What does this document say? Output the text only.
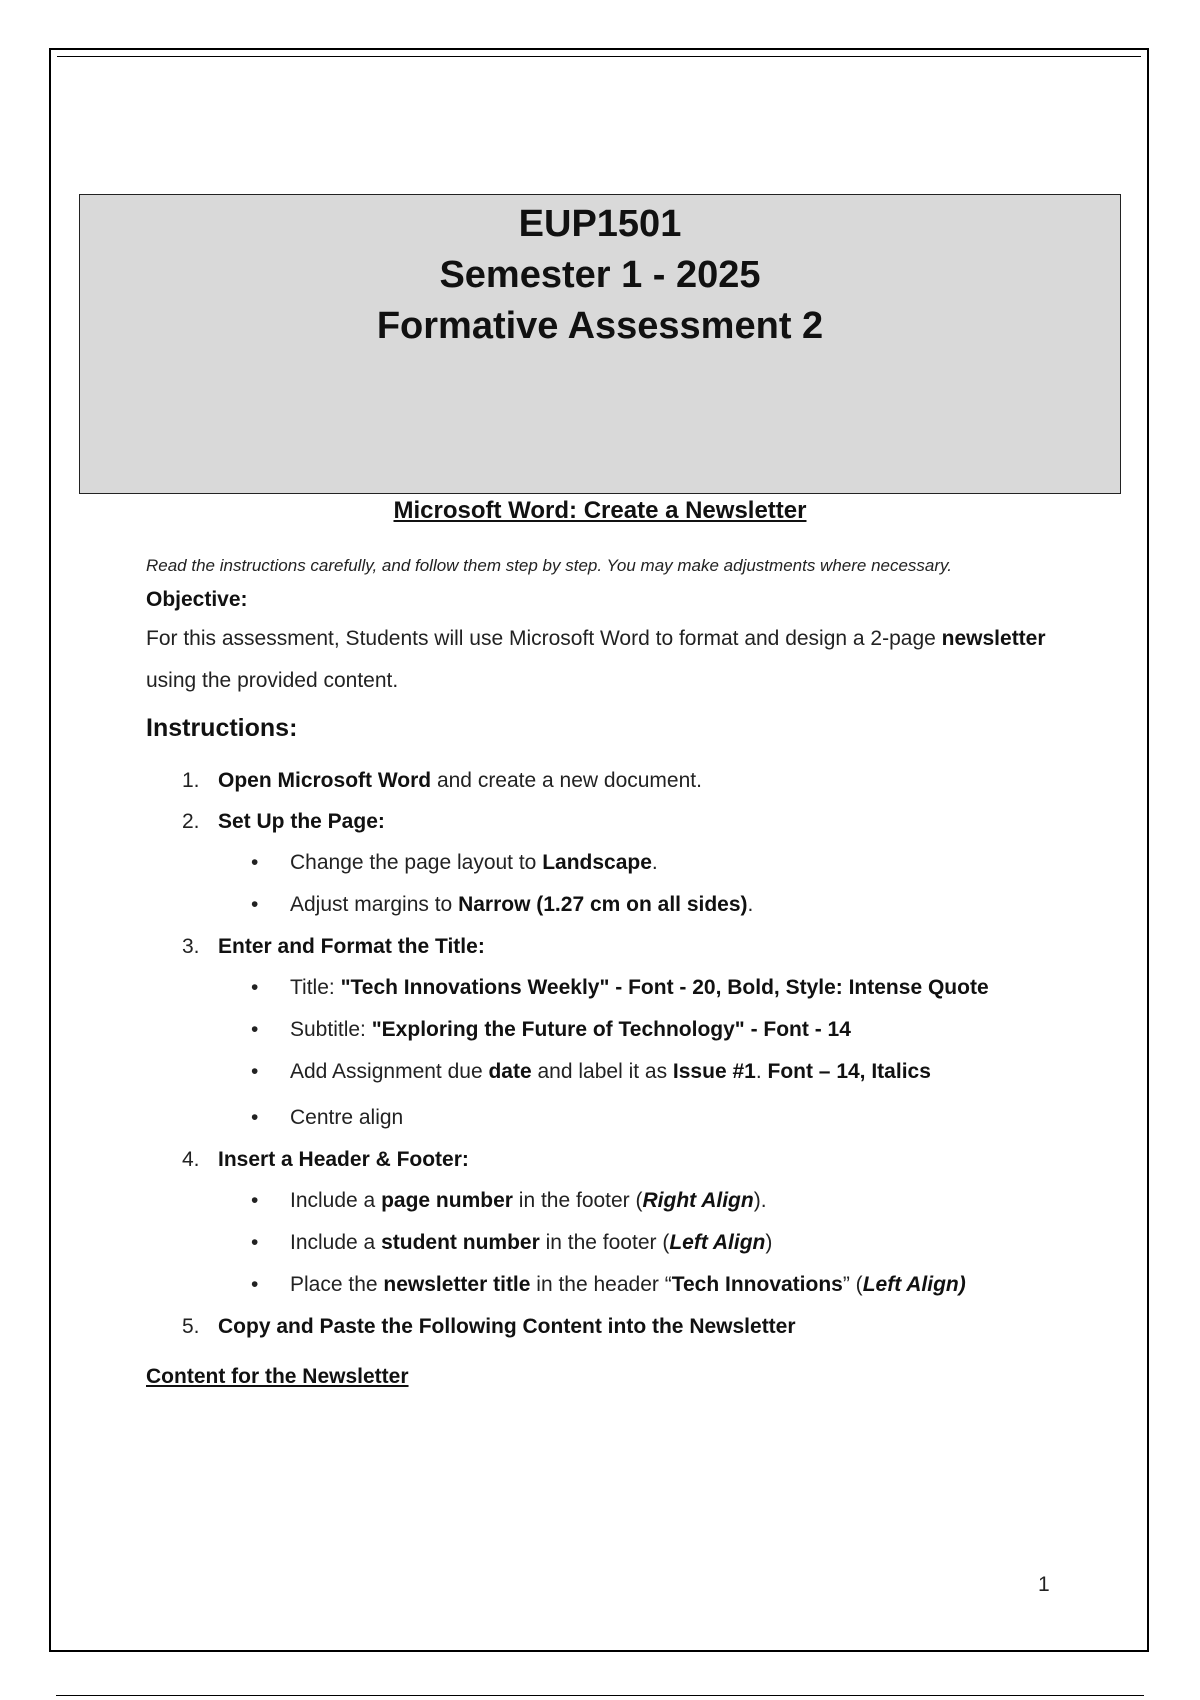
EUP1501
Semester 1 - 2025
Formative Assessment 2
Microsoft Word: Create a Newsletter

Read the instructions carefully, and follow them step by step. You may make adjustments where necessary.

Objective:

For this assessment, Students will use Microsoft Word to format and design a 2-page newsletter using the provided content.

Instructions:

1. Open Microsoft Word and create a new document.
2. Set Up the Page:
• Change the page layout to Landscape.
• Adjust margins to Narrow (1.27 cm on all sides).
3. Enter and Format the Title:
• Title: "Tech Innovations Weekly" - Font - 20, Bold, Style: Intense Quote
• Subtitle: "Exploring the Future of Technology" - Font - 14
• Add Assignment due date and label it as Issue #1. Font – 14, Italics
• Centre align
4. Insert a Header & Footer:
• Include a page number in the footer (Right Align).
• Include a student number in the footer (Left Align)
• Place the newsletter title in the header “Tech Innovations” (Left Align)
5. Copy and Paste the Following Content into the Newsletter

Content for the Newsletter

1
